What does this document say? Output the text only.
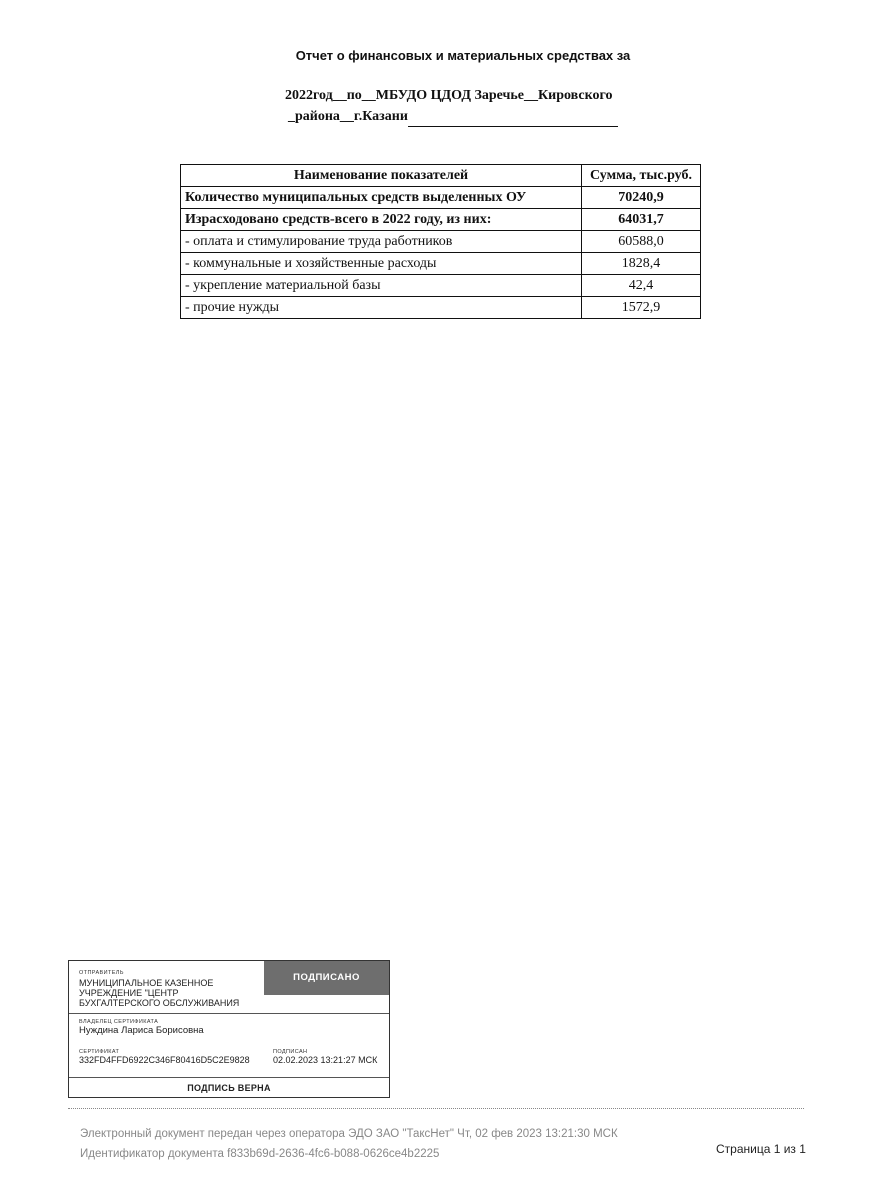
Отчет о финансовых и материальных средствах за
2022год__по__МБУДО ЦДОД Заречье__Кировского
_района__г.Казани
Наименование показателей	Сумма, тыс.руб.
Количество муниципальных средств выделенных ОУ	70240,9
Израсходовано средств-всего в 2022 году, из них:	64031,7
- оплата и стимулирование труда работников	60588,0
- коммунальные и хозяйственные расходы	1828,4
- укрепление материальной базы	42,4
- прочие нужды	1572,9
ОТПРАВИТЕЛЬ
МУНИЦИПАЛЬНОЕ КАЗЕННОЕ
УЧРЕЖДЕНИЕ "ЦЕНТР
БУХГАЛТЕРСКОГО ОБСЛУЖИВАНИЯ
ПОДПИСАНО
ВЛАДЕЛЕЦ СЕРТИФИКАТА
Нуждина Лариса Борисовна
СЕРТИФИКАТ
332FD4FFD6922C346F80416D5C2E9828
ПОДПИСАН
02.02.2023 13:21:27 МСК
ПОДПИСЬ ВЕРНА
Электронный документ передан через оператора ЭДО ЗАО "ТаксНет" Чт, 02 фев 2023 13:21:30 МСК
Идентификатор документа f833b69d-2636-4fc6-b088-0626ce4b2225	Страница 1 из 1
